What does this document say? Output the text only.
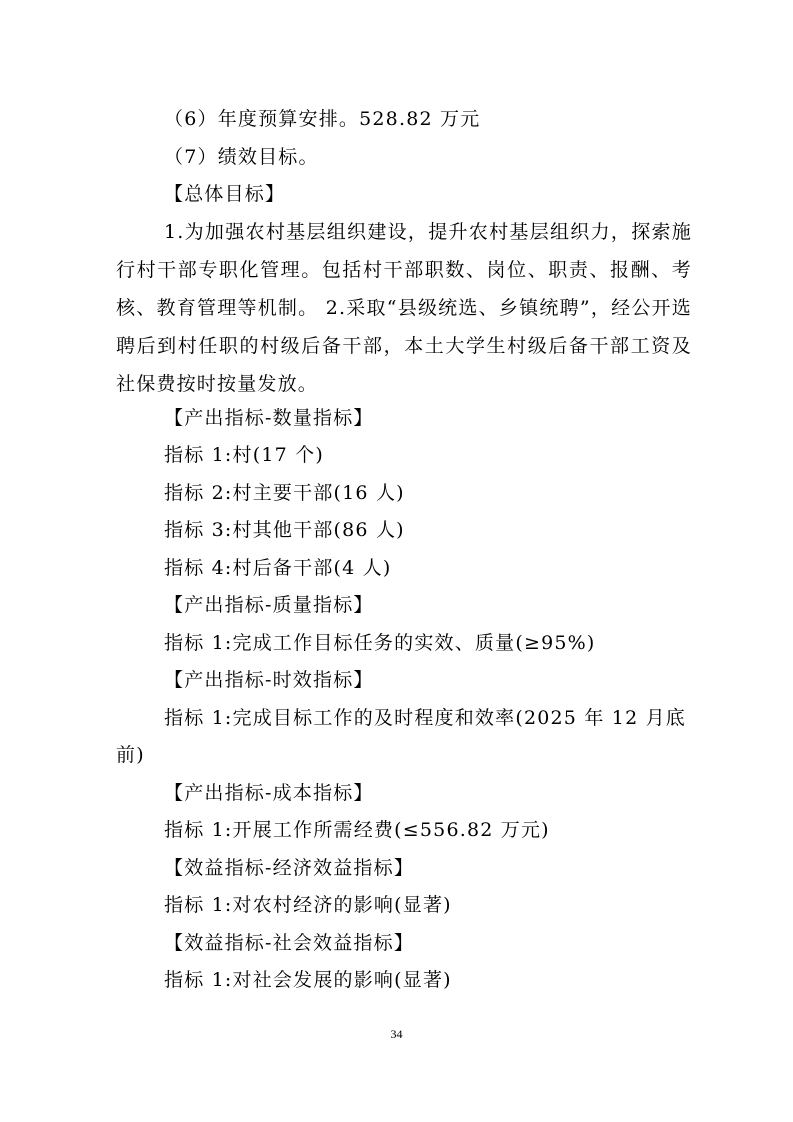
（6）年度预算安排。528.82 万元
（7）绩效目标。
【总体目标】
1.为加强农村基层组织建设，提升农村基层组织力，探索施行村干部专职化管理。包括村干部职数、岗位、职责、报酬、考核、教育管理等机制。 2.采取“县级统选、乡镇统聘”，经公开选聘后到村任职的村级后备干部，本土大学生村级后备干部工资及社保费按时按量发放。
【产出指标-数量指标】
指标 1:村(17 个)
指标 2:村主要干部(16 人)
指标 3:村其他干部(86 人)
指标 4:村后备干部(4 人)
【产出指标-质量指标】
指标 1:完成工作目标任务的实效、质量(≥95%)
【产出指标-时效指标】
指标 1:完成目标工作的及时程度和效率(2025 年 12 月底
前)
【产出指标-成本指标】
指标 1:开展工作所需经费(≤556.82 万元)
【效益指标-经济效益指标】
指标 1:对农村经济的影响(显著)
【效益指标-社会效益指标】
指标 1:对社会发展的影响(显著)
34
